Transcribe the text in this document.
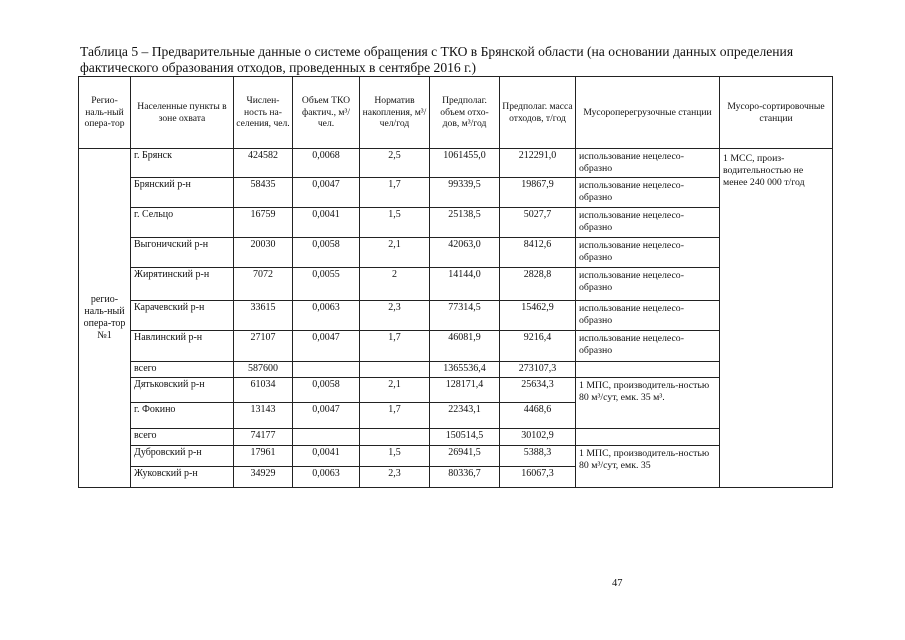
Таблица 5 – Предварительные данные о системе обращения с ТКО в Брянской области (на основании данных определения фактического образования отходов, проведенных в сентябре 2016 г.)
Регио-наль-ный опера-тор	Населенные пункты в зоне охвата	Числен-ность на-селения, чел.	Объем ТКО фактич., м³/чел.	Норматив накопления, м³/чел/год	Предполаг. объем отхо-дов, м³/год	Предполаг. масса отходов, т/год	Мусороперегрузочные станции	Мусоро-сортировочные станции
регио-наль-ный опера-тор №1	г. Брянск	424582	0,0068	2,5	1061455,0	212291,0	использование нецелесо-образно	1 МСС, произ-водительностью не менее 240 000 т/год
	Брянский р-н	58435	0,0047	1,7	99339,5	19867,9	использование нецелесо-образно	
	г. Сельцо	16759	0,0041	1,5	25138,5	5027,7	использование нецелесо-образно	
	Выгоничский р-н	20030	0,0058	2,1	42063,0	8412,6	использование нецелесо-образно	
	Жирятинский р-н	7072	0,0055	2	14144,0	2828,8	использование нецелесо-образно	
	Карачевский р-н	33615	0,0063	2,3	77314,5	15462,9	использование нецелесо-образно	
	Навлинский р-н	27107	0,0047	1,7	46081,9	9216,4	использование нецелесо-образно	
	всего	587600			1365536,4	273107,3		
	Дятьковский р-н	61034	0,0058	2,1	128171,4	25634,3	1 МПС, производитель-ностью 80 м³/сут, емк. 35 м³.	
	г. Фокино	13143	0,0047	1,7	22343,1	4468,6		
	всего	74177			150514,5	30102,9		
	Дубровский р-н	17961	0,0041	1,5	26941,5	5388,3	1 МПС, производитель-ностью 80 м³/сут, емк. 35	
	Жуковский р-н	34929	0,0063	2,3	80336,7	16067,3		
47
